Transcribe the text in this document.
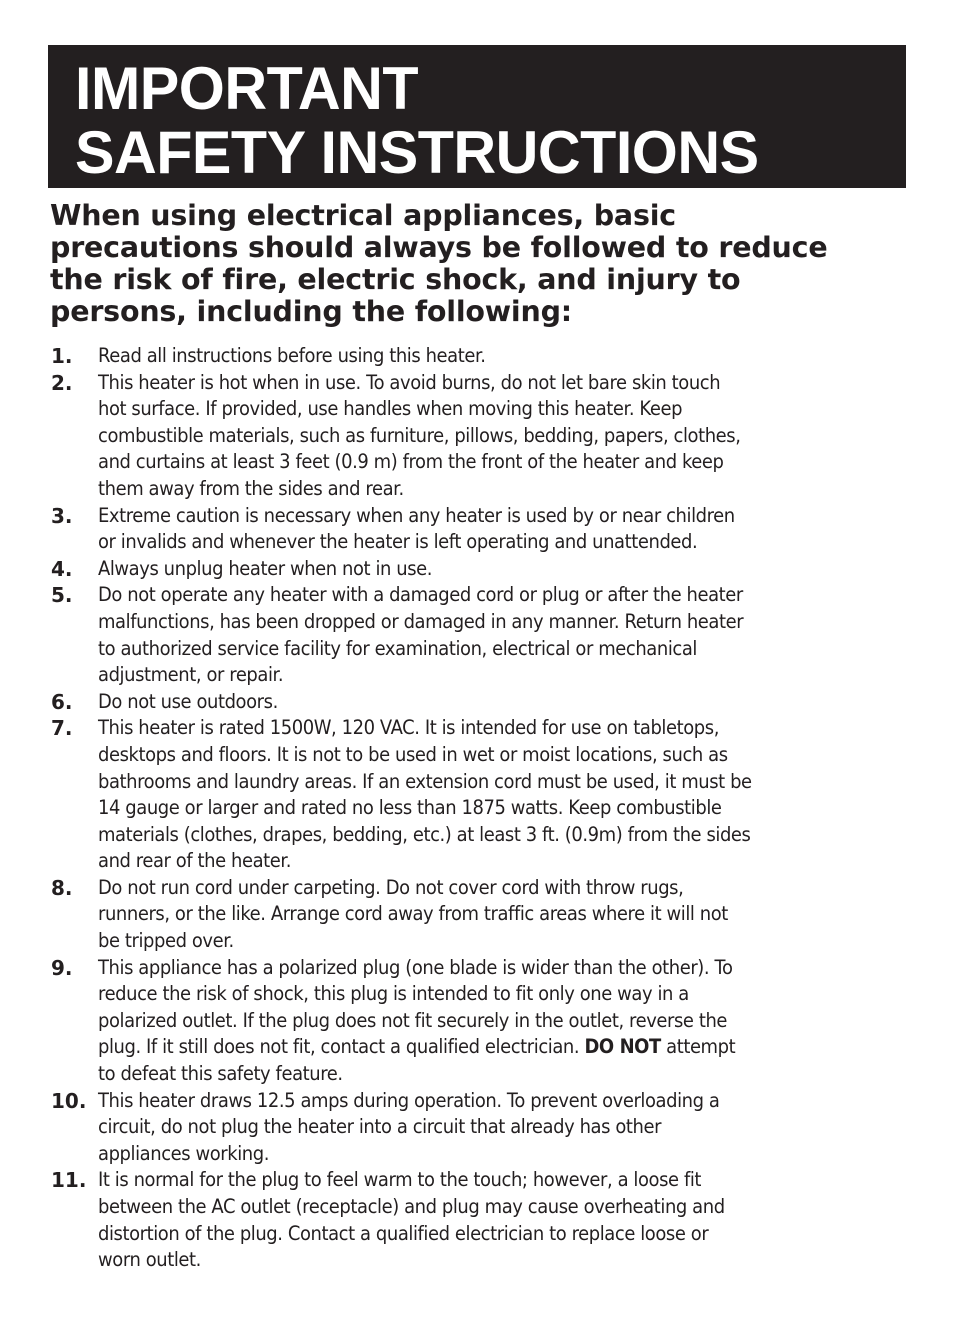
IMPORTANT
SAFETY INSTRUCTIONS
When using electrical appliances, basic
precautions should always be followed to reduce
the risk of fire, electric shock, and injury to
persons, including the following:
1. Read all instructions before using this heater.
2. This heater is hot when in use. To avoid burns, do not let bare skin touch
hot surface. If provided, use handles when moving this heater. Keep
combustible materials, such as furniture, pillows, bedding, papers, clothes,
and curtains at least 3 feet (0.9 m) from the front of the heater and keep
them away from the sides and rear.
3. Extreme caution is necessary when any heater is used by or near children
or invalids and whenever the heater is left operating and unattended.
4. Always unplug heater when not in use.
5. Do not operate any heater with a damaged cord or plug or after the heater
malfunctions, has been dropped or damaged in any manner. Return heater
to authorized service facility for examination, electrical or mechanical
adjustment, or repair.
6. Do not use outdoors.
7. This heater is rated 1500W, 120 VAC. It is intended for use on tabletops,
desktops and floors. It is not to be used in wet or moist locations, such as
bathrooms and laundry areas. If an extension cord must be used, it must be
14 gauge or larger and rated no less than 1875 watts. Keep combustible
materials (clothes, drapes, bedding, etc.) at least 3 ft. (0.9m) from the sides
and rear of the heater.
8. Do not run cord under carpeting. Do not cover cord with throw rugs,
runners, or the like. Arrange cord away from traffic areas where it will not
be tripped over.
9. This appliance has a polarized plug (one blade is wider than the other). To
reduce the risk of shock, this plug is intended to fit only one way in a
polarized outlet. If the plug does not fit securely in the outlet, reverse the
plug. If it still does not fit, contact a qualified electrician. DO NOT attempt
to defeat this safety feature.
10. This heater draws 12.5 amps during operation. To prevent overloading a
circuit, do not plug the heater into a circuit that already has other
appliances working.
11. It is normal for the plug to feel warm to the touch; however, a loose fit
between the AC outlet (receptacle) and plug may cause overheating and
distortion of the plug. Contact a qualified electrician to replace loose or
worn outlet.
